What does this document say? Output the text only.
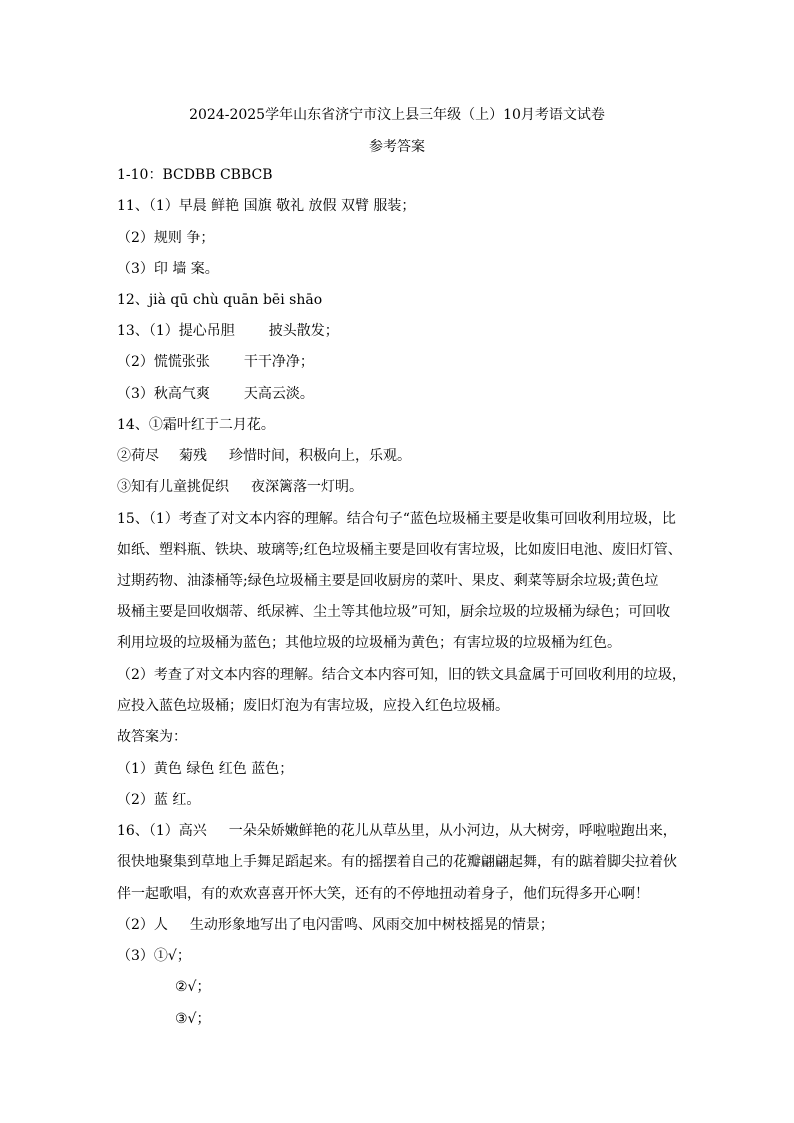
2024-2025学年山东省济宁市汶上县三年级（上）10月考语文试卷
参考答案
1-10：BCDBB CBBCB
11、（1）早晨 鲜艳 国旗 敬礼 放假 双臂 服装；
（2）规则 争；
（3）印 墙 案。
12、jià qū chù quān bēi shāo
13、（1）提心吊胆 披头散发；
（2）慌慌张张 干干净净；
（3）秋高气爽 天高云淡。
14、①霜叶红于二月花。
②荷尽 菊残 珍惜时间，积极向上，乐观。
③知有儿童挑促织 夜深篱落一灯明。
15、（1）考查了对文本内容的理解。结合句子“蓝色垃圾桶主要是收集可回收利用垃圾，比
如纸、塑料瓶、铁块、玻璃等;红色垃圾桶主要是回收有害垃圾，比如废旧电池、废旧灯管、
过期药物、油漆桶等;绿色垃圾桶主要是回收厨房的菜叶、果皮、剩菜等厨余垃圾;黄色垃
圾桶主要是回收烟蒂、纸尿裤、尘土等其他垃圾”可知，厨余垃圾的垃圾桶为绿色；可回收
利用垃圾的垃圾桶为蓝色；其他垃圾的垃圾桶为黄色；有害垃圾的垃圾桶为红色。
（2）考查了对文本内容的理解。结合文本内容可知，旧的铁文具盒属于可回收利用的垃圾，
应投入蓝色垃圾桶；废旧灯泡为有害垃圾，应投入红色垃圾桶。
故答案为：
（1）黄色 绿色 红色 蓝色；
（2）蓝 红。
16、（1）高兴 一朵朵娇嫩鲜艳的花儿从草丛里，从小河边，从大树旁，呼啦啦跑出来，
很快地聚集到草地上手舞足蹈起来。有的摇摆着自己的花瓣翩翩起舞，有的踮着脚尖拉着伙
伴一起歌唱，有的欢欢喜喜开怀大笑，还有的不停地扭动着身子，他们玩得多开心啊！
（2）人 生动形象地写出了电闪雷鸣、风雨交加中树枝摇晃的情景；
（3）①√；
②√；
③√；
